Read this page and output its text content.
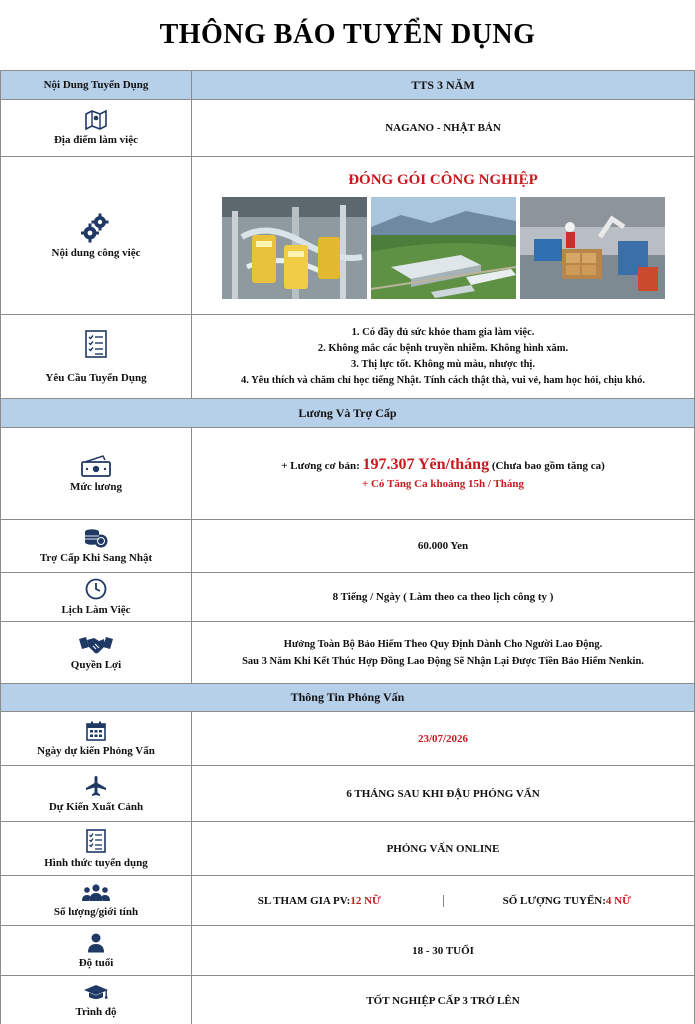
THÔNG BÁO TUYỂN DỤNG
Nội Dung Tuyển Dụng	TTS 3 NĂM

Địa điểm làm việc	NAGANO - NHẬT BẢN

Nội dung công việc	ĐÓNG GÓI CÔNG NGHIỆP

Yêu Cầu Tuyển Dụng	1. Có đầy đủ sức khỏe tham gia làm việc.
2. Không mắc các bệnh truyền nhiễm. Không hình xăm.
3. Thị lực tốt. Không mù màu, nhược thị.
4. Yêu thích và chăm chỉ học tiếng Nhật. Tính cách thật thà, vui vẻ, ham học hỏi, chịu khó.

Lương Và Trợ Cấp	

Mức lương	+ Lương cơ bản: 197.307 Yên/tháng (Chưa bao gồm tăng ca)
+ Có Tăng Ca khoảng 15h / Tháng

Trợ Cấp Khi Sang Nhật	60.000 Yen

Lịch Làm Việc	8 Tiếng / Ngày ( Làm theo ca theo lịch công ty )

Quyền Lợi	Hưởng Toàn Bộ Bảo Hiểm Theo Quy Định Dành Cho Người Lao Động.
Sau 3 Năm Khi Kết Thúc Hợp Đồng Lao Động Sẽ Nhận Lại Được Tiền Bảo Hiểm Nenkin.

Thông Tin Phỏng Vấn	

Ngày dự kiến Phỏng Vấn	23/07/2026

Dự Kiến Xuất Cảnh	6 THÁNG SAU KHI ĐẬU PHỎNG VẤN

Hình thức tuyển dụng	PHỎNG VẤN ONLINE

Số lượng/giới tính	SL THAM GIA PV: 12 NỮ SỐ LƯỢNG TUYỂN: 4 NỮ

Độ tuổi	18 - 30 TUỔI

Trình độ	TỐT NGHIỆP CẤP 3 TRỞ LÊN
